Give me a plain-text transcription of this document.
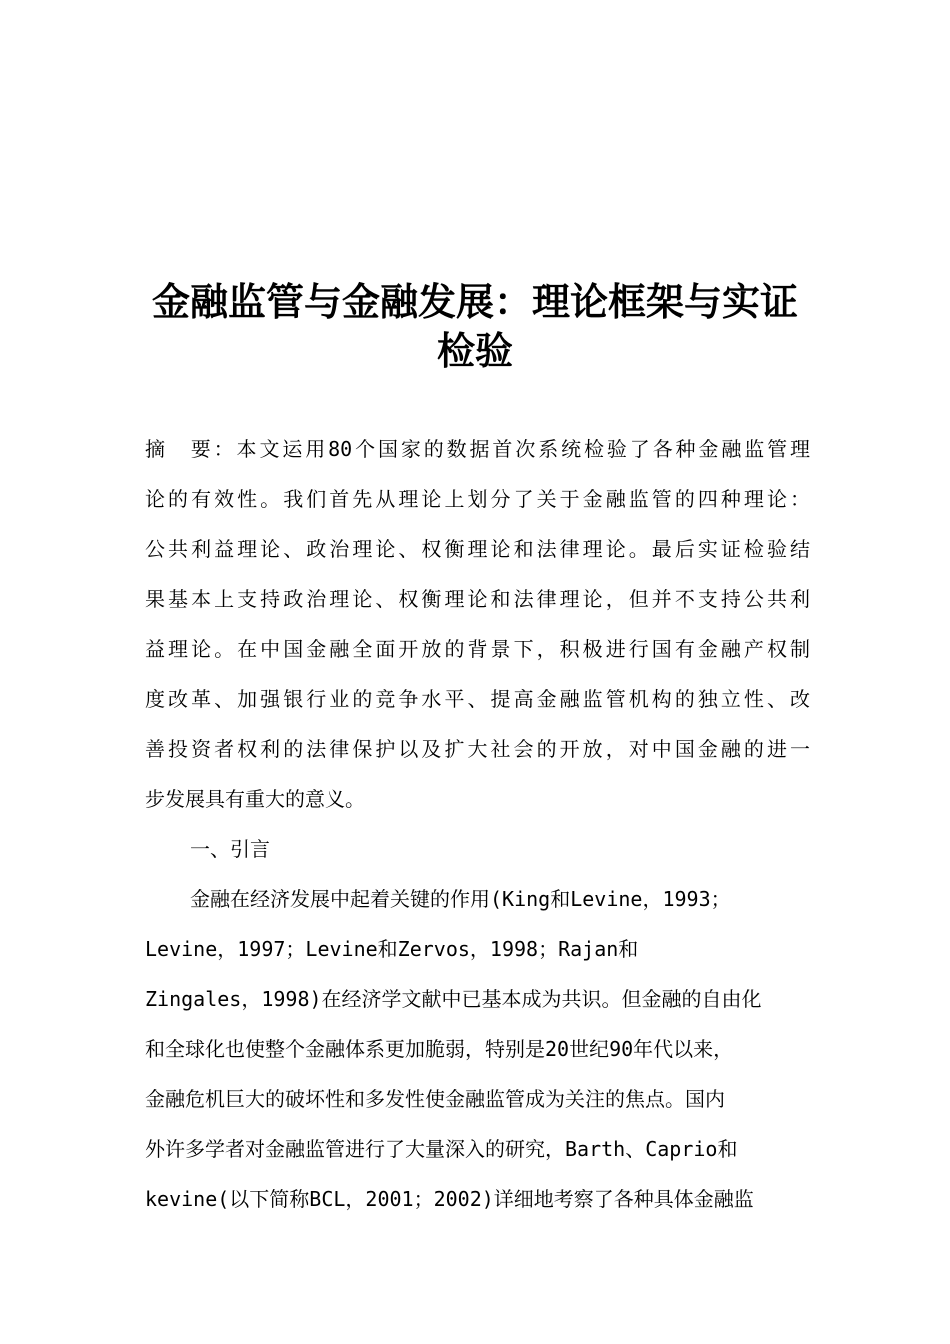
金融监管与金融发展：理论框架与实证
检验

摘　要：本文运用80个国家的数据首次系统检验了各种金融监管理

论的有效性。我们首先从理论上划分了关于金融监管的四种理论：

公共利益理论、政治理论、权衡理论和法律理论。最后实证检验结

果基本上支持政治理论、权衡理论和法律理论，但并不支持公共利

益理论。在中国金融全面开放的背景下，积极进行国有金融产权制

度改革、加强银行业的竞争水平、提高金融监管机构的独立性、改

善投资者权利的法律保护以及扩大社会的开放，对中国金融的进一

步发展具有重大的意义。

一、引言

金融在经济发展中起着关键的作用(King和Levine，1993；

Levine，1997；Levine和Zervos，1998；Rajan和

Zingales，1998)在经济学文献中已基本成为共识。但金融的自由化

和全球化也使整个金融体系更加脆弱，特别是20世纪90年代以来，

金融危机巨大的破坏性和多发性使金融监管成为关注的焦点。国内

外许多学者对金融监管进行了大量深入的研究，Barth、Caprio和

kevine(以下简称BCL，2001；2002)详细地考察了各种具体金融监
